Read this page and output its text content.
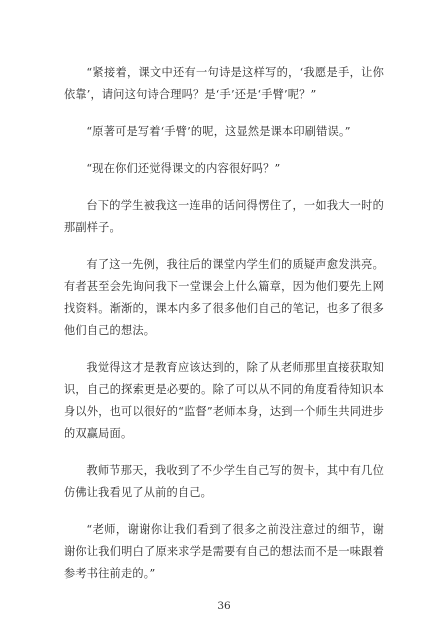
“紧接着，课文中还有一句诗是这样写的，‘我愿是手，让你依靠’，请问这句诗合理吗？是‘手’还是‘手臂’呢？”

“原著可是写着‘手臂’的呢，这显然是课本印刷错误。”

“现在你们还觉得课文的内容很好吗？”

台下的学生被我这一连串的话问得愣住了，一如我大一时的那副样子。

有了这一先例，我往后的课堂内学生们的质疑声愈发洪亮。有者甚至会先询问我下一堂课会上什么篇章，因为他们要先上网找资料。渐渐的，课本内多了很多他们自己的笔记，也多了很多他们自己的想法。

我觉得这才是教育应该达到的，除了从老师那里直接获取知识，自己的探索更是必要的。除了可以从不同的角度看待知识本身以外，也可以很好的“监督”老师本身，达到一个师生共同进步的双赢局面。

教师节那天，我收到了不少学生自己写的贺卡，其中有几位仿佛让我看见了从前的自己。

“老师，谢谢你让我们看到了很多之前没注意过的细节，谢谢你让我们明白了原来求学是需要有自己的想法而不是一味跟着参考书往前走的。”

36
